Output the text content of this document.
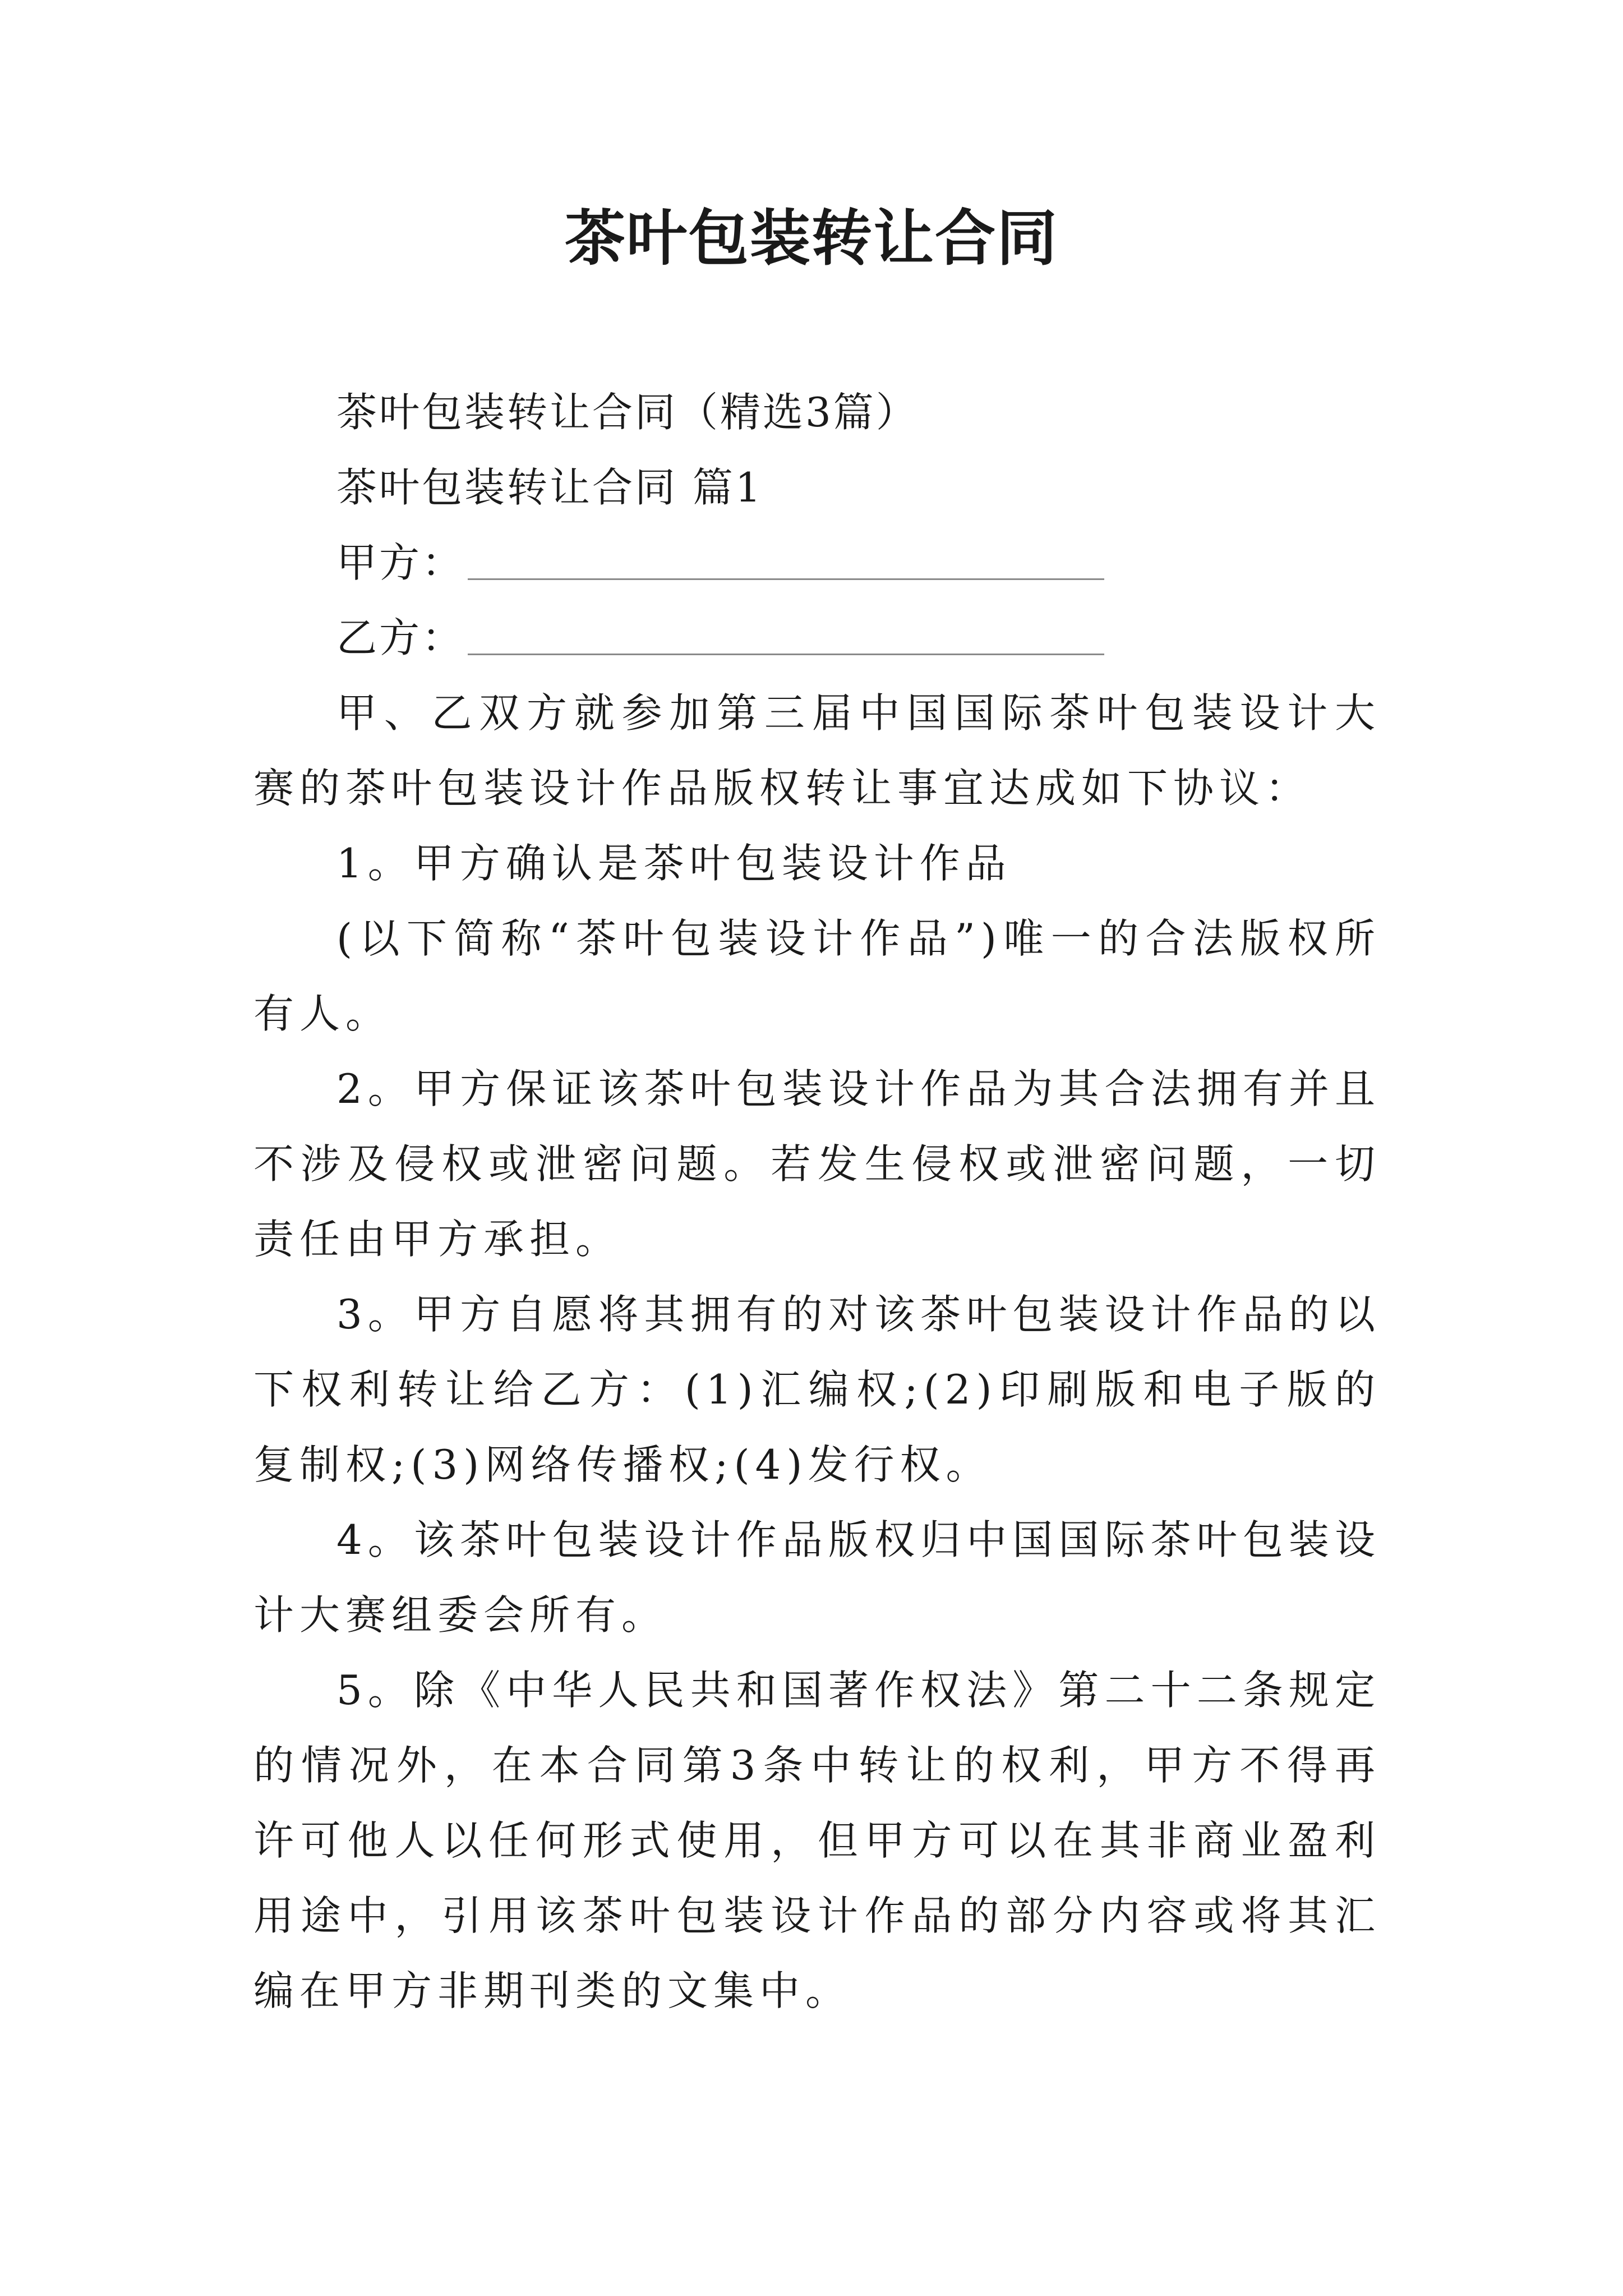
茶叶包装转让合同

茶叶包装转让合同（精选3篇）

茶叶包装转让合同 篇1

甲方：

乙方：

甲、乙双方就参加第三届中国国际茶叶包装设计大赛的茶叶包装设计作品版权转让事宜达成如下协议：

1。甲方确认是茶叶包装设计作品

(以下简称“茶叶包装设计作品”)唯一的合法版权所有人。

2。甲方保证该茶叶包装设计作品为其合法拥有并且不涉及侵权或泄密问题。若发生侵权或泄密问题，一切责任由甲方承担。

3。甲方自愿将其拥有的对该茶叶包装设计作品的以下权利转让给乙方：(1)汇编权;(2)印刷版和电子版的复制权;(3)网络传播权;(4)发行权。

4。该茶叶包装设计作品版权归中国国际茶叶包装设计大赛组委会所有。

5。除《中华人民共和国著作权法》第二十二条规定的情况外，在本合同第3条中转让的权利，甲方不得再许可他人以任何形式使用，但甲方可以在其非商业盈利用途中，引用该茶叶包装设计作品的部分内容或将其汇编在甲方非期刊类的文集中。
